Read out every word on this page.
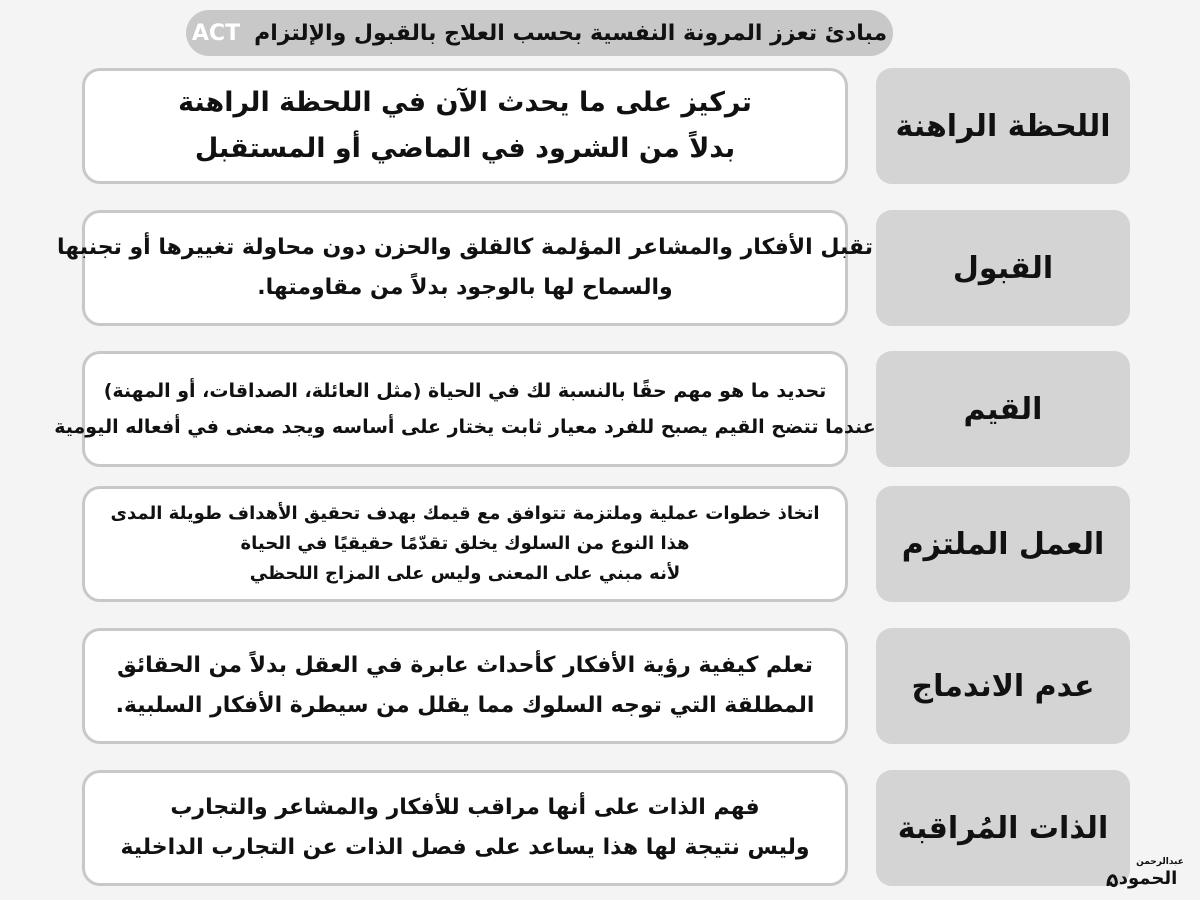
مبادئ تعزز المرونة النفسية بحسب العلاج بالقبول والإلتزام
ACT
اللحظة الراهنة
تركيز على ما يحدث الآن في اللحظة الراهنة
بدلاً من الشرود في الماضي أو المستقبل
القبول
تقبل الأفكار والمشاعر المؤلمة كالقلق والحزن دون محاولة تغييرها أو تجنبها
والسماح لها بالوجود بدلاً من مقاومتها.
القيم
تحديد ما هو مهم حقًا بالنسبة لك في الحياة (مثل العائلة، الصداقات، أو المهنة)
عندما تتضح القيم يصبح للفرد معيار ثابت يختار على أساسه ويجد معنى في أفعاله اليومية
العمل الملتزم
اتخاذ خطوات عملية وملتزمة تتوافق مع قيمك بهدف تحقيق الأهداف طويلة المدى
هذا النوع من السلوك يخلق تقدّمًا حقيقيًا في الحياة
لأنه مبني على المعنى وليس على المزاج اللحظي
عدم الاندماج
تعلم كيفية رؤية الأفكار كأحداث عابرة في العقل بدلاً من الحقائق
المطلقة التي توجه السلوك مما يقلل من سيطرة الأفكار السلبية.
الذات المُراقبة
فهم الذات على أنها مراقب للأفكار والمشاعر والتجارب
وليس نتيجة لها هذا يساعد على فصل الذات عن التجارب الداخلية
عبدالرحمن
الحمود
